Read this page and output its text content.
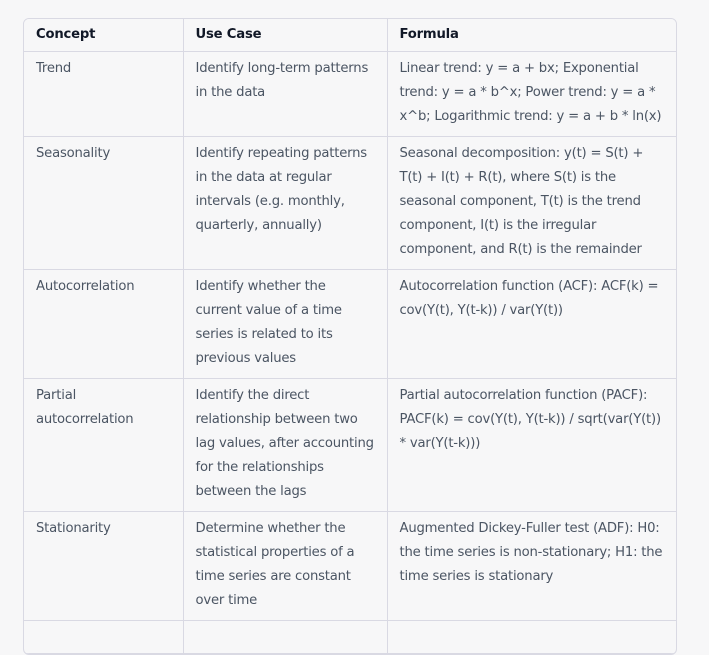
Concept	Use Case	Formula
Trend	Identify long-term patterns in the data	Linear trend: y = a + bx; Exponential trend: y = a * b^x; Power trend: y = a * x^b; Logarithmic trend: y = a + b * ln(x)
Seasonality	Identify repeating patterns in the data at regular intervals (e.g. monthly, quarterly, annually)	Seasonal decomposition: y(t) = S(t) + T(t) + I(t) + R(t), where S(t) is the seasonal component, T(t) is the trend component, I(t) is the irregular component, and R(t) is the remainder
Autocorrelation	Identify whether the current value of a time series is related to its previous values	Autocorrelation function (ACF): ACF(k) = cov(Y(t), Y(t-k)) / var(Y(t))
Partial autocorrelation	Identify the direct relationship between two lag values, after accounting for the relationships between the lags	Partial autocorrelation function (PACF): PACF(k) = cov(Y(t), Y(t-k)) / sqrt(var(Y(t)) * var(Y(t-k)))
Stationarity	Determine whether the statistical properties of a time series are constant over time	Augmented Dickey-Fuller test (ADF): H0: the time series is non-stationary; H1: the time series is stationary
